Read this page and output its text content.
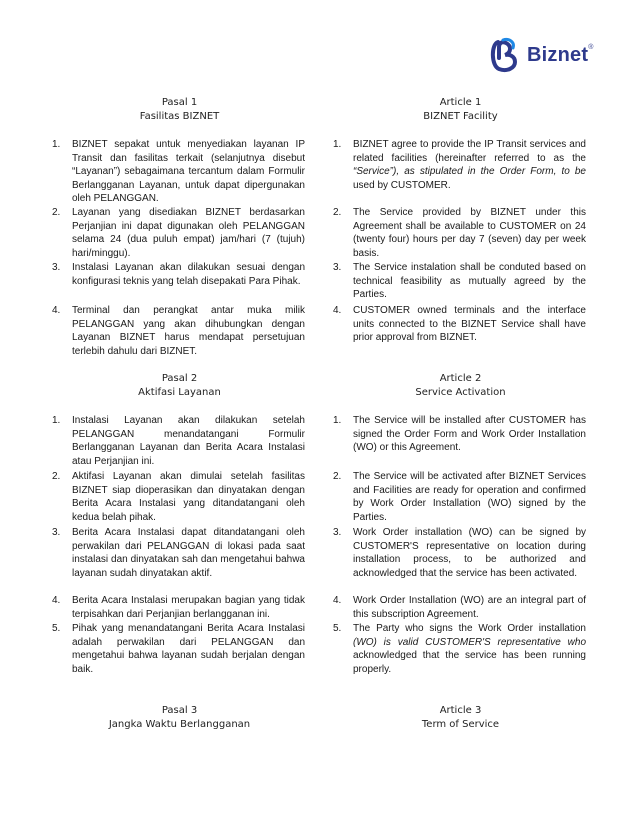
Biznet®
Pasal 1
Fasilitas BIZNET
Article 1
BIZNET Facility
1.	BIZNET sepakat untuk menyediakan layanan IP Transit dan fasilitas terkait (selanjutnya disebut “Layanan”) sebagaimana tercantum dalam Formulir Berlangganan Layanan, untuk dapat dipergunakan oleh PELANGGAN.
2.	Layanan yang disediakan BIZNET berdasarkan Perjanjian ini dapat digunakan oleh PELANGGAN selama 24 (dua puluh empat) jam/hari (7 (tujuh) hari/minggu).
3.	Instalasi Layanan akan dilakukan sesuai dengan konfigurasi teknis yang telah disepakati Para Pihak.
4.	Terminal dan perangkat antar muka milik PELANGGAN yang akan dihubungkan dengan Layanan BIZNET harus mendapat persetujuan terlebih dahulu dari BIZNET.
1.	BIZNET agree to provide the IP Transit services and related facilities (hereinafter referred to as the “Service”), as stipulated in the Order Form, to be used by CUSTOMER.
2.	The Service provided by BIZNET under this Agreement shall be available to CUSTOMER on 24 (twenty four) hours per day 7 (seven) day per week basis.
3.	The Service instalation shall be conduted based on technical feasibility as mutually agreed by the Parties.
4.	CUSTOMER owned terminals and the interface units connected to the BIZNET Service shall have prior approval from BIZNET.
Pasal 2
Aktifasi Layanan
Article 2
Service Activation
1.	Instalasi Layanan akan dilakukan setelah PELANGGAN menandatangani Formulir Berlangganan Layanan dan Berita Acara Instalasi atau Perjanjian ini.
2.	Aktifasi Layanan akan dimulai setelah fasilitas BIZNET siap dioperasikan dan dinyatakan dengan Berita Acara Instalasi yang ditandatangani oleh kedua belah pihak.
3.	Berita Acara Instalasi dapat ditandatangani oleh perwakilan dari PELANGGAN di lokasi pada saat instalasi dan dinyatakan sah dan mengetahui bahwa layanan sudah dinyatakan aktif.
4.	Berita Acara Instalasi merupakan bagian yang tidak terpisahkan dari Perjanjian berlangganan ini.
5.	Pihak yang menandatangani Berita Acara Instalasi adalah perwakilan dari PELANGGAN dan mengetahui bahwa layanan sudah berjalan dengan baik.
1.	The Service will be installed after CUSTOMER has signed the Order Form and Work Order Installation (WO) or this Agreement.
2.	The Service will be activated after BIZNET Services and Facilities are ready for operation and confirmed by Work Order Installation (WO) signed by the Parties.
3.	Work Order installation (WO) can be signed by CUSTOMER'S representative on location during installation process, to be authorized and acknowledged that the service has been activated.
4.	Work Order Installation (WO) are an integral part of this subscription Agreement.
5.	The Party who signs the Work Order installation (WO) is valid CUSTOMER'S representative who acknowledged that the service has been running properly.
Pasal 3
Jangka Waktu Berlangganan
Article 3
Term of Service
